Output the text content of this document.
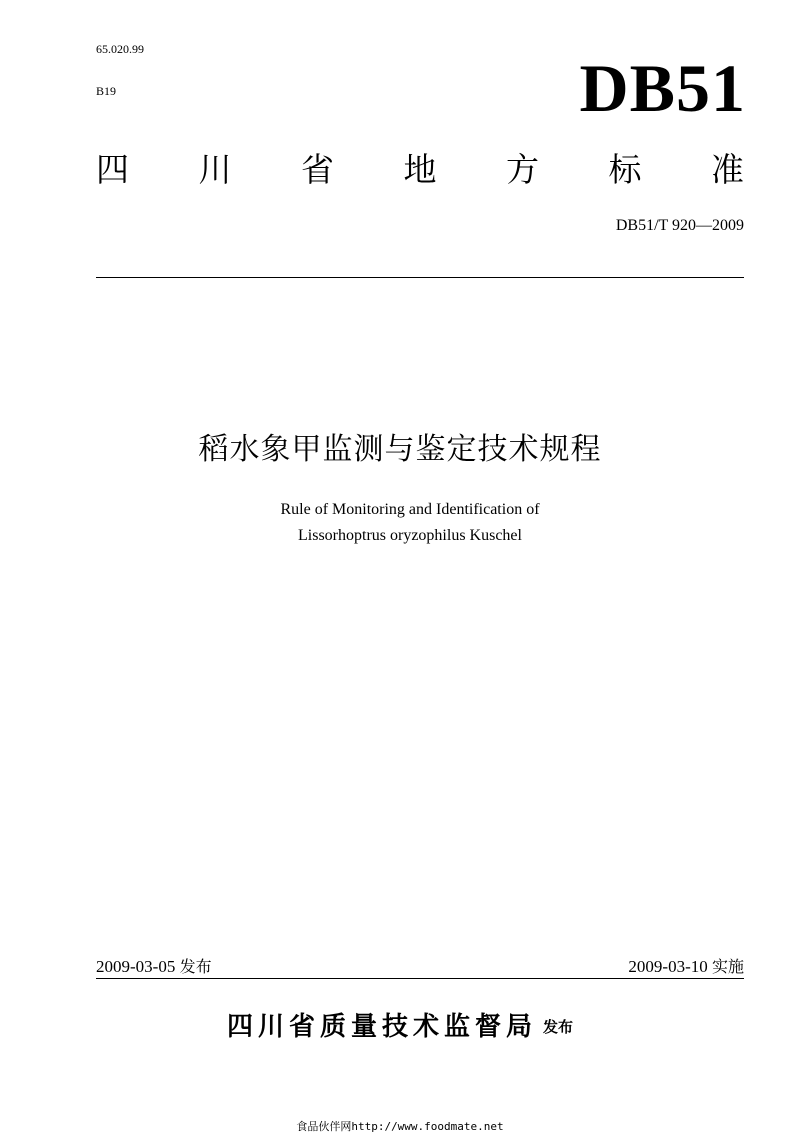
65.020.99
B19	DB51
四 川 省 地 方 标 准
DB51/T 920—2009
稻水象甲监测与鉴定技术规程
Rule of Monitoring and Identification of
Lissorhoptrus oryzophilus Kuschel
2009-03-05 发布	2009-03-10 实施
四川省质量技术监督局 发布
食品伙伴网http://www.foodmate.net
